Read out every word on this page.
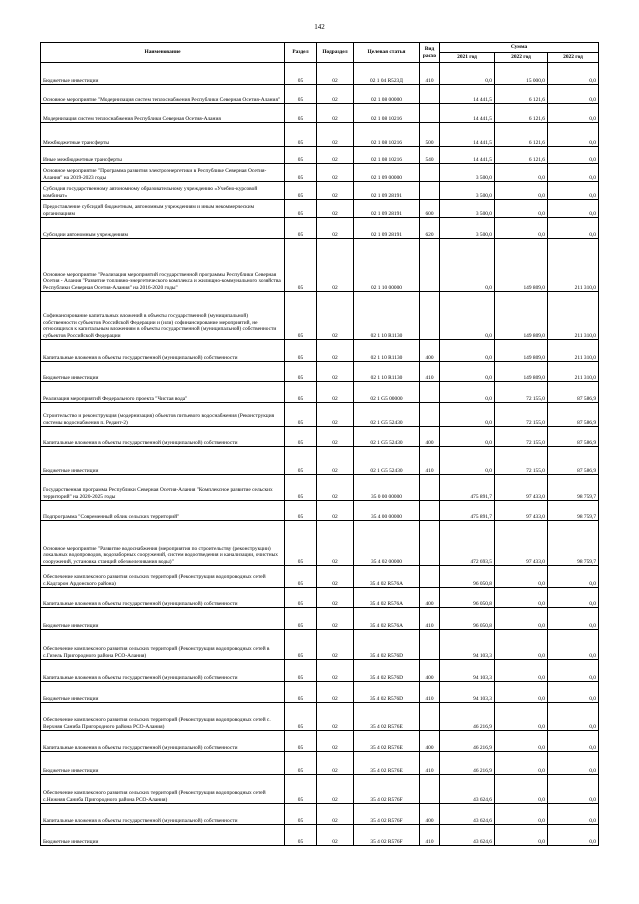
142
Наименование	Раздел	Подраздел	Целевая статья	Вид расхо	Сумма		
					2021 год	2022 год	2022 год
Бюджетные инвестиции	05	02	02 1 04 R523Д	410	0,0	15 000,0	0,0
Основное мероприятие "Модернизация систем теплоснабжения Республики Северная Осетия-Алания"	05	02	02 1 08 00000		14 441,5	6 121,6	0,0
Модернизация систем теплоснабжения Республики Северная Осетия-Алания	05	02	02 1 08 10216		14 441,5	6 121,6	0,0
Межбюджетные трансферты	05	02	02 1 08 10216	500	14 441,5	6 121,6	0,0
Иные межбюджетные трансферты	05	02	02 1 08 10216	540	14 441,5	6 121,6	0,0
Основное мероприятие "Программа развития электроэнергетики в Республике Северная Осетия-Алания" на 2019-2023 годы	05	02	02 1 09 00000		3 500,0	0,0	0,0
Субсидия государственному автономному образовательному учреждению «Учебно-курсовой комбинат»	05	02	02 1 09 28191		3 500,0	0,0	0,0
Предоставление субсидий бюджетным, автономным учреждениям и иным некоммерческим организациям	05	02	02 1 09 28191	600	3 500,0	0,0	0,0
Субсидии автономным учреждениям	05	02	02 1 09 28191	620	3 500,0	0,0	0,0
Основное мероприятие "Реализация мероприятий государственной программы Республики Северная Осетия - Алания "Развитие топливно-энергетического комплекса и жилищно-коммунального хозяйства Республики Северная Осетия-Алания" на 2016-2020 годы"	05	02	02 1 10 00000		0,0	149 809,0	211 310,0
Софинансирование капитальных вложений в объекты государственной (муниципальной) собственности субъектов Российской Федерации и (или) софинансирование мероприятий, не относящихся к капитальным вложениям в объекты государственной (муниципальной) собственности субъектов Российской Федерации	05	02	02 1 10 R1130		0,0	149 809,0	211 310,0
Капитальные вложения в объекты государственной (муниципальной) собственности	05	02	02 1 10 R1130	400	0,0	149 809,0	211 310,0
Бюджетные инвестиции	05	02	02 1 10 R1130	410	0,0	149 809,0	211 310,0
Реализация мероприятий Федерального проекта "Чистая вода"	05	02	02 1 G5 00000		0,0	72 155,0	87 586,9
Строительство и реконструкция (модернизация) объектов питьевого водоснабжения (Реконструкция системы водоснабжения п. Редант-2)	05	02	02 1 G5 52430		0,0	72 155,0	87 586,9
Капитальные вложения в объекты государственной (муниципальной) собственности	05	02	02 1 G5 52430	400	0,0	72 155,0	87 586,9
Бюджетные инвестиции	05	02	02 1 G5 52430	410	0,0	72 155,0	87 586,9
Государственная программа Республики Северная Осетия-Алания "Комплексное развитие сельских территорий" на 2020-2025 годы	05	02	35 0 00 00000		475 891,7	97 433,0	98 759,7
Подпрограмма "Современный облик сельских территорий"	05	02	35 4 00 00000		475 891,7	97 433,0	98 759,7
Основное мероприятие "Развитие водоснабжения (мероприятия по строительству (реконструкции) локальных водопроводов, водозаборных сооружений, систем водоотведения и канализации, очистных сооружений, установка станций обезжелезивания воды)"	05	02	35 4 02 00000		472 693,5	97 433,0	98 759,7
Обеспечение комплексного развития сельских территорий (Реконструкция водопроводных сетей с.Кадгарон Ардонского района)	05	02	35 4 02 R576A		96 050,8	0,0	0,0
Капитальные вложения в объекты государственной (муниципальной) собственности	05	02	35 4 02 R576A	400	96 050,8	0,0	0,0
Бюджетные инвестиции	05	02	35 4 02 R576A	410	96 050,8	0,0	0,0
Обеспечение комплексного развития сельских территорий (Реконструкция водопроводных сетей в с.Гизель Пригородного района РСО-Алания)	05	02	35 4 02 R576D		94 103,3	0,0	0,0
Капитальные вложения в объекты государственной (муниципальной) собственности	05	02	35 4 02 R576D	400	94 103,3	0,0	0,0
Бюджетные инвестиции	05	02	35 4 02 R576D	410	94 103,3	0,0	0,0
Обеспечение комплексного развития сельских территорий (Реконструкция водопроводных сетей с. Верхняя Саниба Пригородного района РСО-Алания)	05	02	35 4 02 R576E		46 216,9	0,0	0,0
Капитальные вложения в объекты государственной (муниципальной) собственности	05	02	35 4 02 R576E	400	46 216,9	0,0	0,0
Бюджетные инвестиции	05	02	35 4 02 R576E	410	46 216,9	0,0	0,0
Обеспечение комплексного развития сельских территорий (Реконструкция водопроводных сетей с.Нижняя Саниба Пригородного района РСО-Алания)	05	02	35 4 02 R576F		43 624,6	0,0	0,0
Капитальные вложения в объекты государственной (муниципальной) собственности	05	02	35 4 02 R576F	400	43 624,6	0,0	0,0
Бюджетные инвестиции	05	02	35 4 02 R576F	410	43 624,6	0,0	0,0
